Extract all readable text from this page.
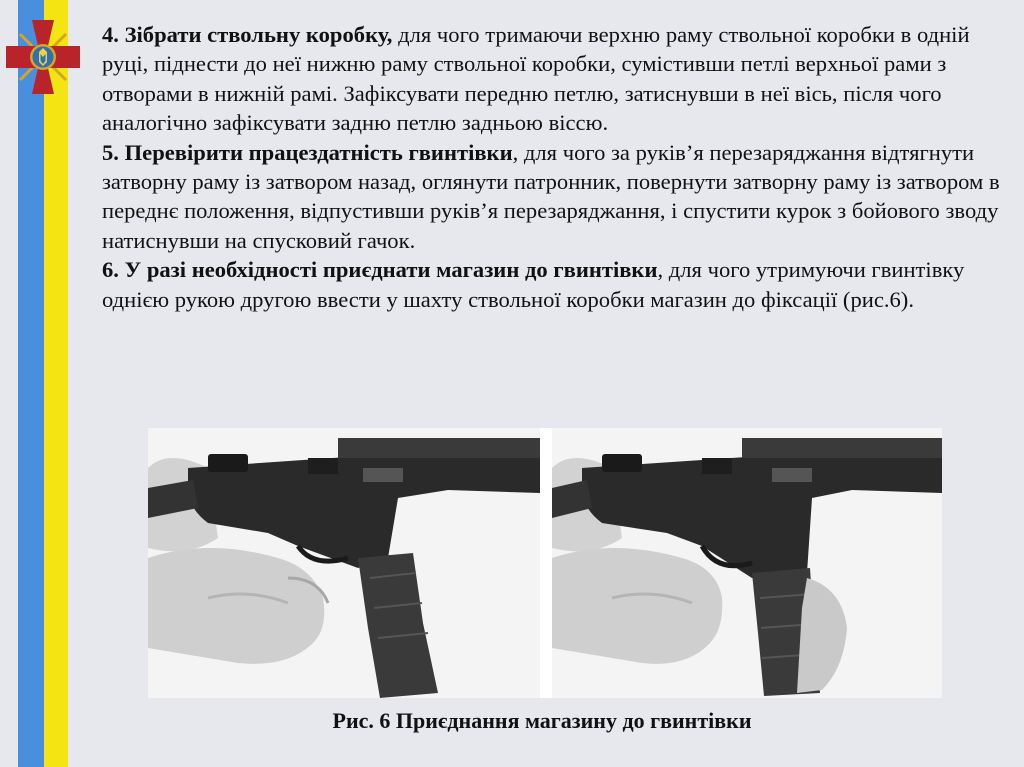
4. Зібрати ствольну коробку, для чого тримаючи верхню раму ствольної коробки в одній руці, піднести до неї нижню раму ствольної коробки, сумістивши петлі верхньої рами з отворами в нижній рамі. Зафіксувати передню петлю, затиснувши в неї вісь, після чого аналогічно зафіксувати задню петлю задньою віссю.

5. Перевірити працездатність гвинтівки, для чого за руків’я перезаряджання відтягнути затворну раму із затвором назад, оглянути патронник, повернути затворну раму із затвором в переднє положення, відпустивши руків’я перезаряджання, і спустити курок з бойового зводу натиснувши на спусковий гачок.

6. У разі необхідності приєднати магазин до гвинтівки, для чого утримуючи гвинтівку однією рукою другою ввести у шахту ствольної коробки магазин до фіксації (рис.6).

Рис. 6 Приєднання магазину до гвинтівки
